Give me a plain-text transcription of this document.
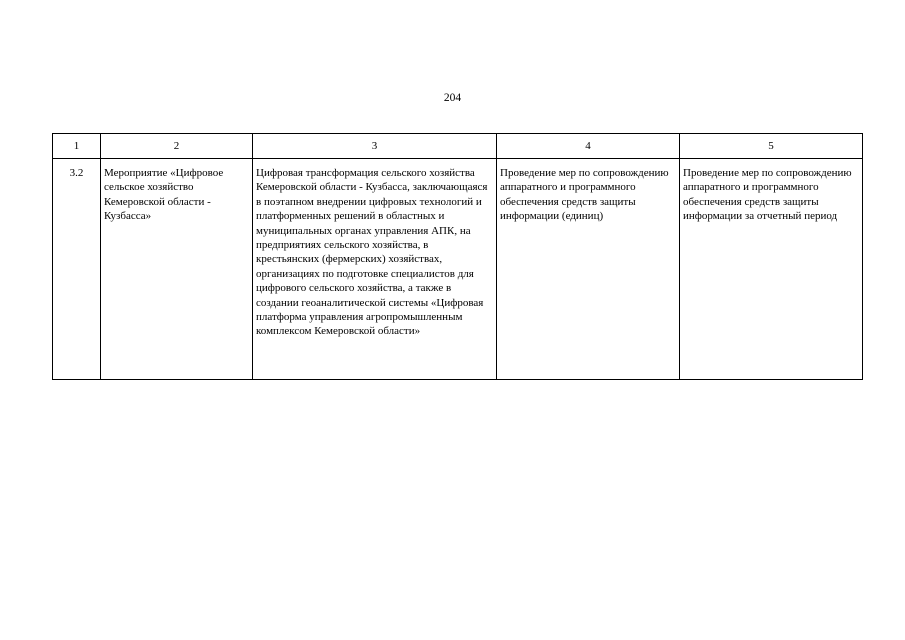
204
1	2	3	4	5
3.2	Мероприятие «Цифровое сельское хозяйство Кемеровской области - Кузбасса»	Цифровая трансформация сельского хозяйства Кемеровской области - Кузбасса, заключающаяся в поэтапном внедрении цифровых технологий и платформенных решений в областных и муниципальных органах управления АПК, на предприятиях сельского хозяйства, в крестьянских (фермерских) хозяйствах, организациях по подготовке специалистов для цифрового сельского хозяйства, а также в создании геоаналитической системы «Цифровая платформа управления агропромышленным комплексом Кемеровской области»	Проведение мер по сопровождению аппаратного и программного обеспечения средств защиты информации (единиц)	Проведение мер по сопровождению аппаратного и программного обеспечения средств защиты информации за отчетный период
